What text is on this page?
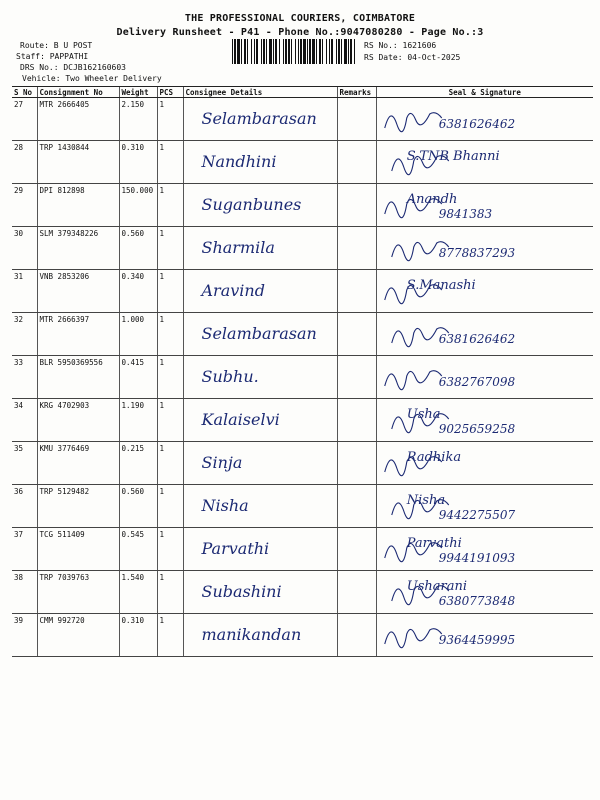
THE PROFESSIONAL COURIERS, COIMBATORE
Delivery Runsheet - P41 - Phone No.:9047080280 - Page No.:3
Route: B U POST
Staff: PAPPATHI
DRS No.: DCJB162160603
Vehicle: Two Wheeler Delivery
RS No.: 1621606
RS Date: 04-Oct-2025
S No	Consignment No	Weight	PCS	Consignee Details	Remarks	Seal & Signature
27	MTR 2666405	2.150	1	Selambarasan		6381626462

28	TRP 1430844	0.310	1	Nandhini		S.TNB Bhanni

29	DPI 812898	150.000	1	Suganbunes		Anandh
9841383

30	SLM 379348226	0.560	1	Sharmila		8778837293

31	VNB 2853206	0.340	1	Aravind		S.Manashi

32	MTR 2666397	1.000	1	Selambarasan		6381626462

33	BLR 5950369556	0.415	1	Subhu.		6382767098

34	KRG 4702903	1.190	1	Kalaiselvi		Usha
9025659258

35	KMU 3776469	0.215	1	Sinja		Radhika

36	TRP 5129482	0.560	1	Nisha		Nisha
9442275507

37	TCG 511409	0.545	1	Parvathi		Parvathi
9944191093

38	TRP 7039763	1.540	1	Subashini		Usharani
6380773848

39	CMM 992720	0.310	1	manikandan		9364459995
